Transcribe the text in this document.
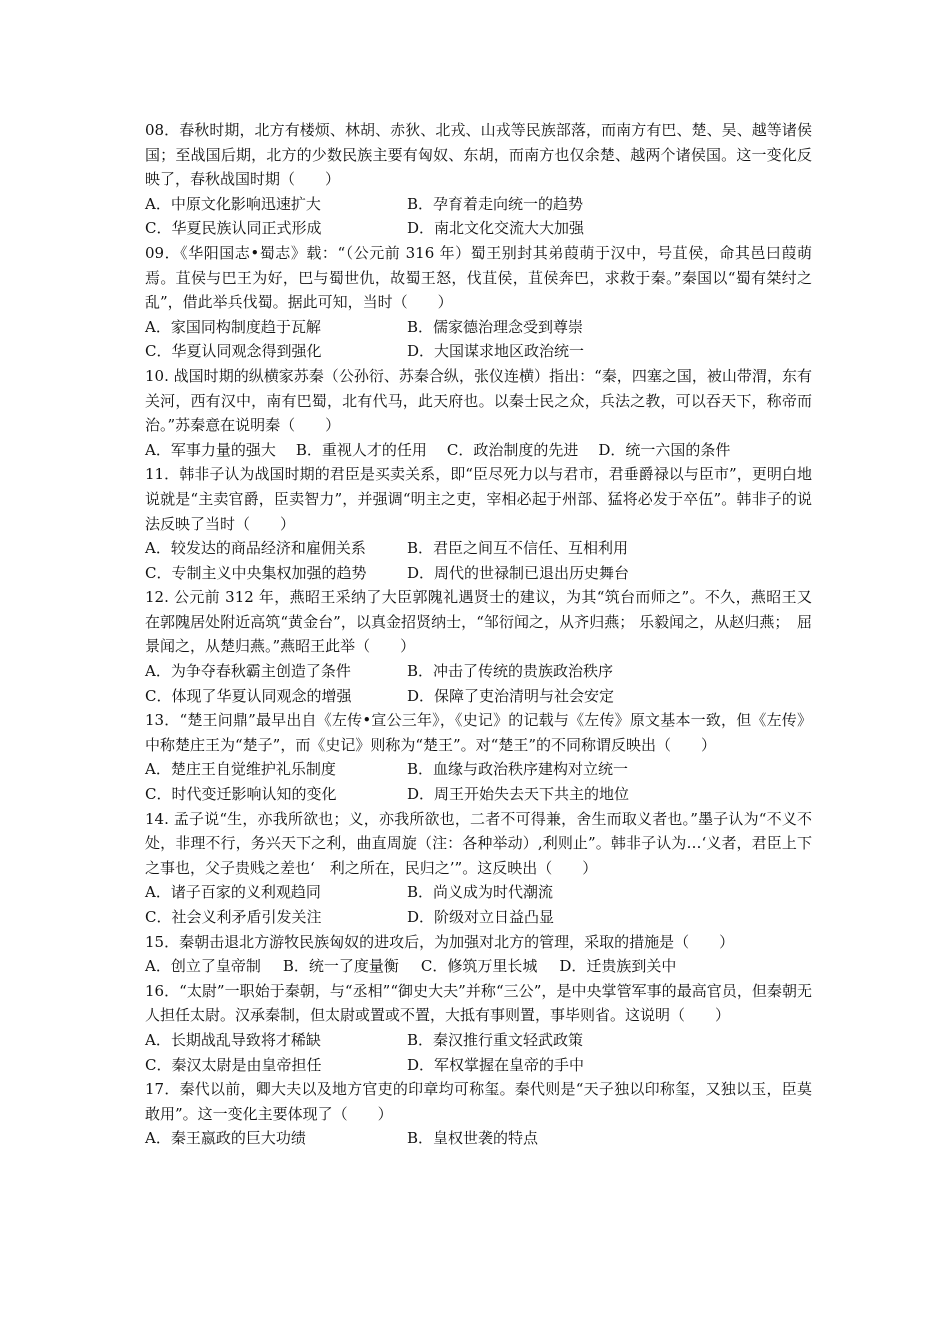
08．春秋时期，北方有楼烦、林胡、赤狄、北戎、山戎等民族部落，而南方有巴、楚、吴、越等诸侯国；至战国后期，北方的少数民族主要有匈奴、东胡，而南方也仅余楚、越两个诸侯国。这一变化反映了，春秋战国时期（　　）

A．中原文化影响迅速扩大	B．孕育着走向统一的趋势
C．华夏民族认同正式形成	D．南北文化交流大大加强

09．《华阳国志•蜀志》载：“（公元前 316 年）蜀王别封其弟葭萌于汉中，号苴侯，命其邑曰葭萌焉。苴侯与巴王为好，巴与蜀世仇，故蜀王怒，伐苴侯，苴侯奔巴，求救于秦。”秦国以“蜀有桀纣之乱”，借此举兵伐蜀。据此可知，当时（　　）

A．家国同构制度趋于瓦解	B．儒家德治理念受到尊崇
C．华夏认同观念得到强化	D．大国谋求地区政治统一

10. 战国时期的纵横家苏秦（公孙衍、苏秦合纵，张仪连横）指出：“秦，四塞之国，被山带渭，东有关河，西有汉中，南有巴蜀，北有代马，此天府也。以秦士民之众，兵法之教，可以吞天下，称帝而治。”苏秦意在说明秦（　　）

A．军事力量的强大 B．重视人才的任用 C．政治制度的先进 D．统一六国的条件

11．韩非子认为战国时期的君臣是买卖关系，即“臣尽死力以与君市，君垂爵禄以与臣市”，更明白地说就是“主卖官爵，臣卖智力”，并强调“明主之吏，宰相必起于州部、猛将必发于卒伍”。韩非子的说法反映了当时（　　）

A．较发达的商品经济和雇佣关系	B．君臣之间互不信任、互相利用
C．专制主义中央集权加强的趋势	D．周代的世禄制已退出历史舞台

12. 公元前 312 年，燕昭王采纳了大臣郭隗礼遇贤士的建议，为其“筑台而师之”。不久，燕昭王又在郭隗居处附近高筑“黄金台”，以真金招贤纳士，“邹衍闻之，从齐归燕； 乐毅闻之，从赵归燕；　屈景闻之，从楚归燕。”燕昭王此举（　　）

A．为争夺春秋霸主创造了条件	B．冲击了传统的贵族政治秩序
C．体现了华夏认同观念的增强	D．保障了吏治清明与社会安定

13．“楚王问鼎”最早出自《左传•宣公三年》，《史记》的记载与《左传》原文基本一致，但《左传》中称楚庄王为“楚子”，而《史记》则称为“楚王”。对“楚王”的不同称谓反映出（　　）

A．楚庄王自觉维护礼乐制度	B．血缘与政治秩序建构对立统一
C．时代变迁影响认知的变化	D．周王开始失去天下共主的地位

14. 孟子说“生，亦我所欲也；义，亦我所欲也，二者不可得兼，舍生而取义者也。”墨子认为“不义不处，非理不行，务兴天下之利，曲直周旋（注：各种举动）,利则止”。韩非子认为…‘义者，君臣上下之事也，父子贵贱之差也‘　利之所在，民归之’”。这反映出（　　）

A．诸子百家的义利观趋同	B．尚义成为时代潮流
C．社会义利矛盾引发关注	D．阶级对立日益凸显

15．秦朝击退北方游牧民族匈奴的进攻后，为加强对北方的管理，采取的措施是（　　）

A．创立了皇帝制 B．统一了度量衡 C．修筑万里长城 D．迁贵族到关中

16．“太尉”一职始于秦朝，与“丞相”“御史大夫”并称“三公”，是中央掌管军事的最高官员，但秦朝无人担任太尉。汉承秦制，但太尉或置或不置，大抵有事则置，事毕则省。这说明（　　）

A．长期战乱导致将才稀缺	B．秦汉推行重文轻武政策
C．秦汉太尉是由皇帝担任	D．军权掌握在皇帝的手中

17．秦代以前，卿大夫以及地方官吏的印章均可称玺。秦代则是“天子独以印称玺，又独以玉，臣莫敢用”。这一变化主要体现了（　　）

A．秦王嬴政的巨大功绩	B．皇权世袭的特点
